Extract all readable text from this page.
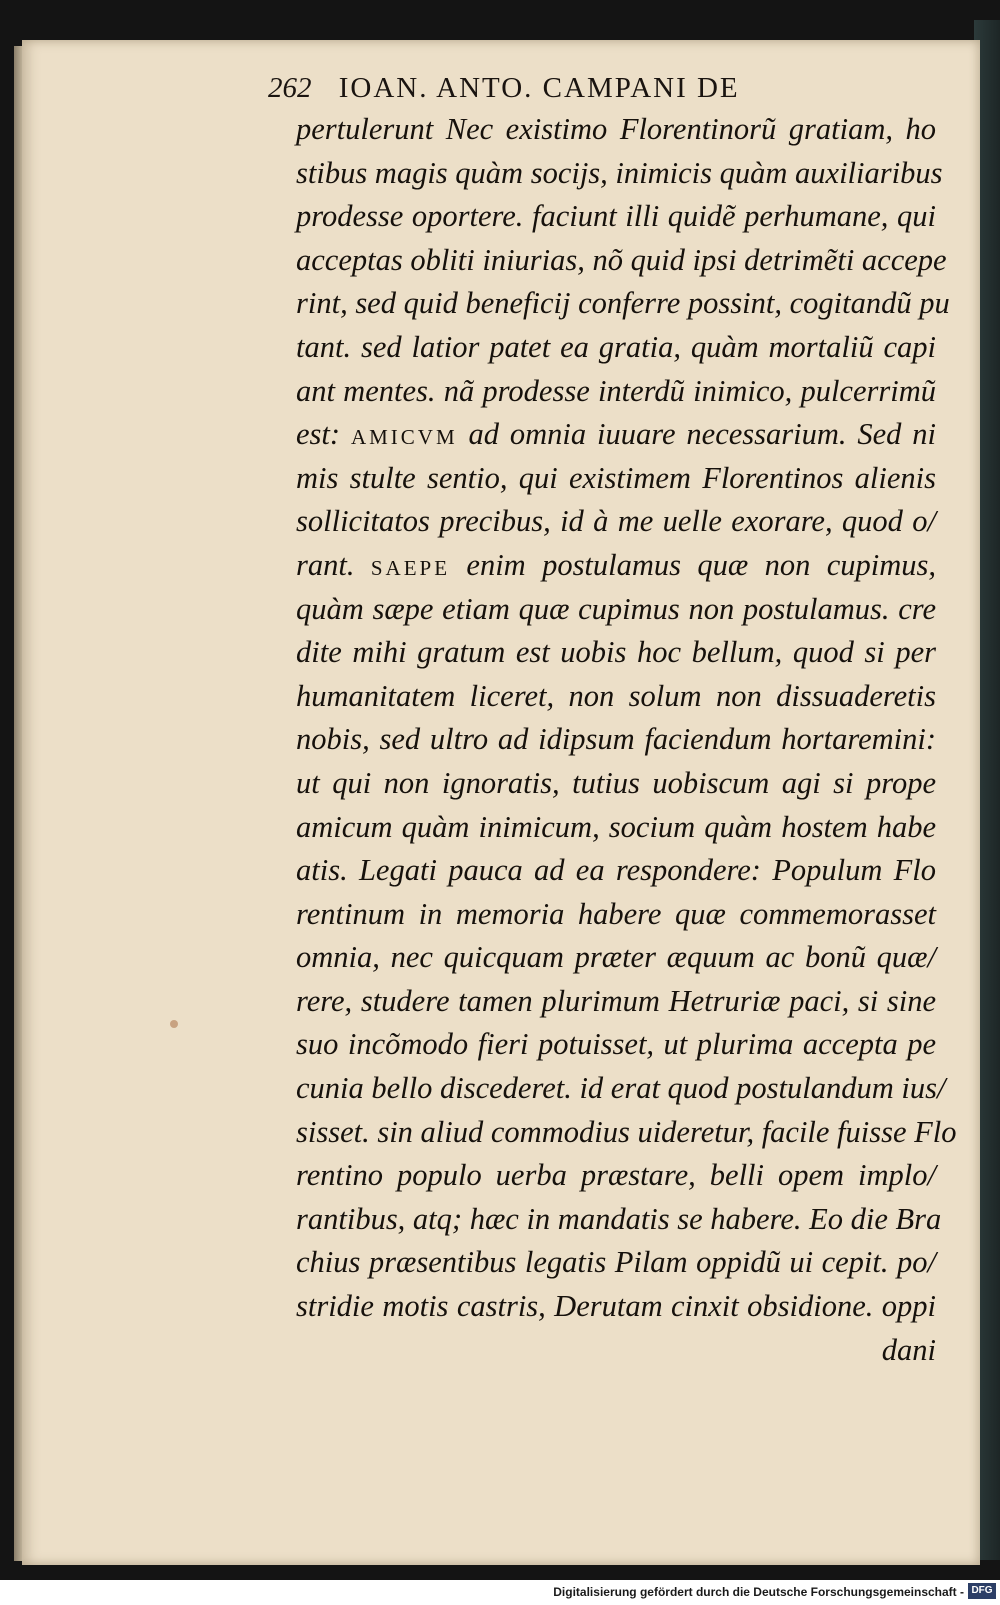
262 IOAN. ANTO. CAMPANI DE
pertulerunt Nec existimo Florentinorũ gratiam, ho
stibus magis quàm socijs, inimicis quàm auxiliaribus
prodesse oportere. faciunt illi quidẽ perhumane, qui
acceptas obliti iniurias, nõ quid ipsi detrimẽti accepe
rint, sed quid beneficij conferre possint, cogitandũ pu
tant. sed latior patet ea gratia, quàm mortaliũ capi
ant mentes. nã prodesse interdũ inimico, pulcerrimũ
est: amicvm ad omnia iuuare necessarium. Sed ni
mis stulte sentio, qui existimem Florentinos alienis
sollicitatos precibus, id à me uelle exorare, quod o/
rant. saepe enim postulamus quæ non cupimus,
quàm sæpe etiam quæ cupimus non postulamus. cre
dite mihi gratum est uobis hoc bellum, quod si per
humanitatem liceret, non solum non dissuaderetis
nobis, sed ultro ad idipsum faciendum hortaremini:
ut qui non ignoratis, tutius uobiscum agi si prope
amicum quàm inimicum, socium quàm hostem habe
atis. Legati pauca ad ea respondere: Populum Flo
rentinum in memoria habere quæ commemorasset
omnia, nec quicquam præter æquum ac bonũ quæ/
rere, studere tamen plurimum Hetruriæ paci, si sine
suo incõmodo fieri potuisset, ut plurima accepta pe
cunia bello discederet. id erat quod postulandum ius/
sisset. sin aliud commodius uideretur, facile fuisse Flo
rentino populo uerba præstare, belli opem implo/
rantibus, atq; hæc in mandatis se habere. Eo die Bra
chius præsentibus legatis Pilam oppidũ ui cepit. po/
stridie motis castris, Derutam cinxit obsidione. oppi
dani
Digitalisierung gefördert durch die Deutsche Forschungsgemeinschaft - DFG
